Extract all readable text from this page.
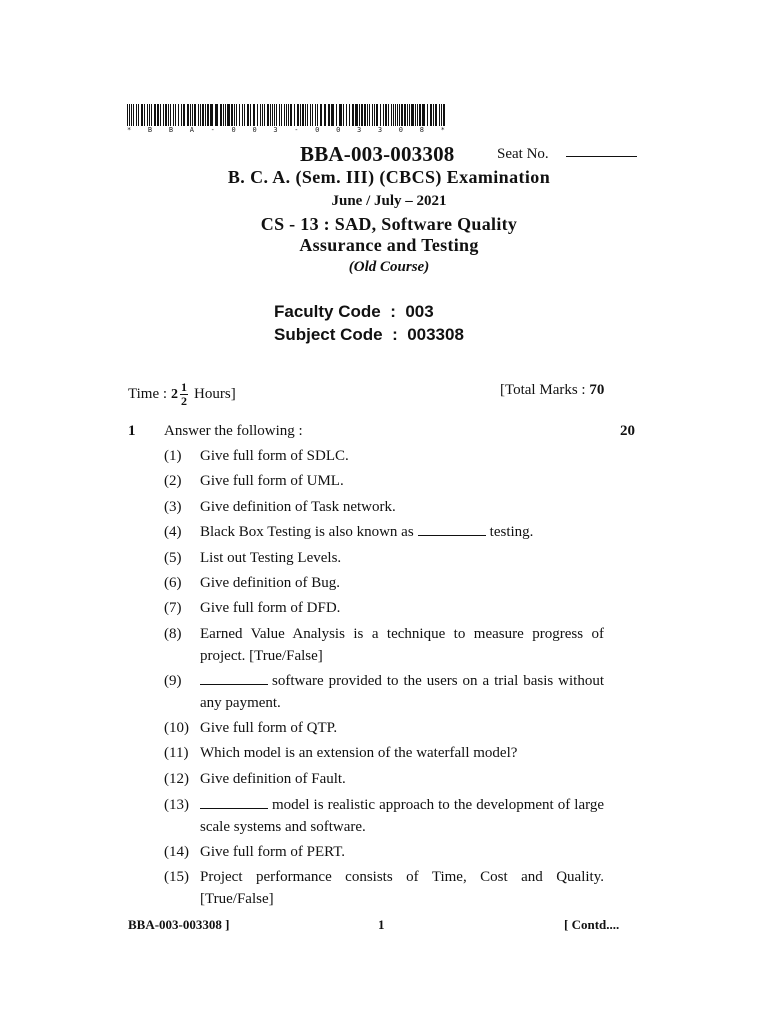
* B B A - 0 0 3 - 0 0 3 3 0 8 *
BBA-003-003308	Seat No.
B. C. A. (Sem. III) (CBCS) Examination
June / July – 2021
CS - 13 : SAD, Software Quality
Assurance and Testing
(Old Course)
Faculty Code  :  003
Subject Code  :  003308
Time : $2 \frac{1}{2}$ Hours]	[Total Marks : 70
1 Answer the following :	20
(1) Give full form of SDLC.
(2) Give full form of UML.
(3) Give definition of Task network.
(4) Black Box Testing is also known as	testing.
(5) List out Testing Levels.
(6) Give definition of Bug.
(7) Give full form of DFD.
(8) Earned Value Analysis is a technique to measure progress of project. [True/False]
(9)	software provided to the users on a trial basis without any payment.
(10) Give full form of QTP.
(11) Which model is an extension of the waterfall model?
(12) Give definition of Fault.
(13)	model is realistic approach to the development of large scale systems and software.
(14) Give full form of PERT.
(15) Project performance consists of Time, Cost and Quality. [True/False]
BBA-003-003308 ]	1	[ Contd....
